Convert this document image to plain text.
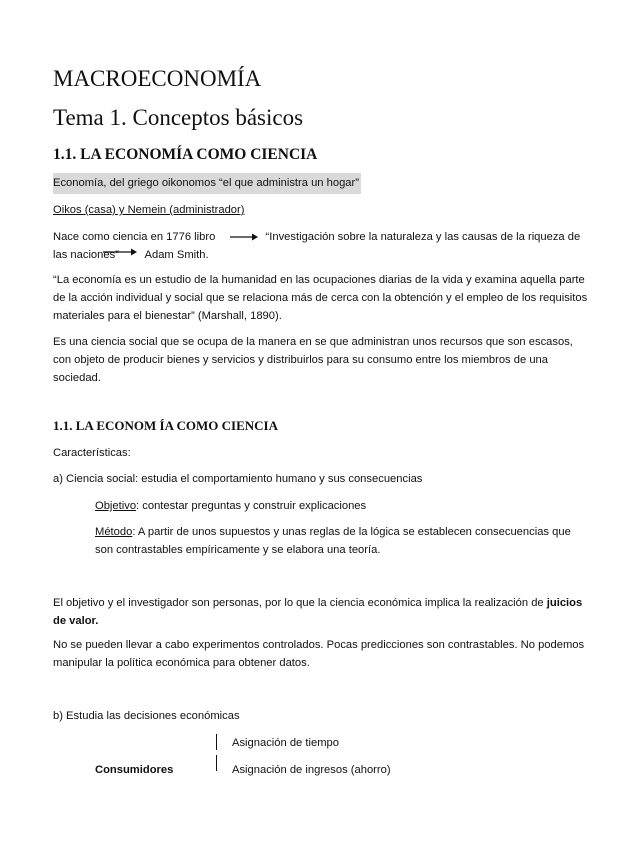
MACROECONOMÍA
Tema 1. Conceptos básicos
1.1. LA ECONOMÍA COMO CIENCIA
Economía, del griego oikonomos “el que administra un hogar”
Oikos (casa) y Nemein (administrador)
Nace como ciencia en 1776 libro	“Investigación sobre la naturaleza y las causas de la riqueza de las naciones” Adam Smith.
“La economía es un estudio de la humanidad en las ocupaciones diarias de la vida y examina aquella parte de la acción individual y social que se relaciona más de cerca con la obtención y el empleo de los requisitos materiales para el bienestar” (Marshall, 1890).
Es una ciencia social que se ocupa de la manera en se que administran unos recursos que son escasos, con objeto de producir bienes y servicios y distribuirlos para su consumo entre los miembros de una sociedad.
1.1. LA ECONOM ÍA COMO CIENCIA
Características:
a) Ciencia social: estudia el comportamiento humano y sus consecuencias
Objetivo: contestar preguntas y construir explicaciones
Método: A partir de unos supuestos y unas reglas de la lógica se establecen consecuencias que son contrastables empíricamente y se elabora una teoría.
El objetivo y el investigador son personas, por lo que la ciencia económica implica la realización de juicios de valor.
No se pueden llevar a cabo experimentos controlados. Pocas predicciones son contrastables. No podemos manipular la política económica para obtener datos.
b) Estudia las decisiones económicas
Asignación de tiempo
Asignación de ingresos (ahorro)
Consumidores
